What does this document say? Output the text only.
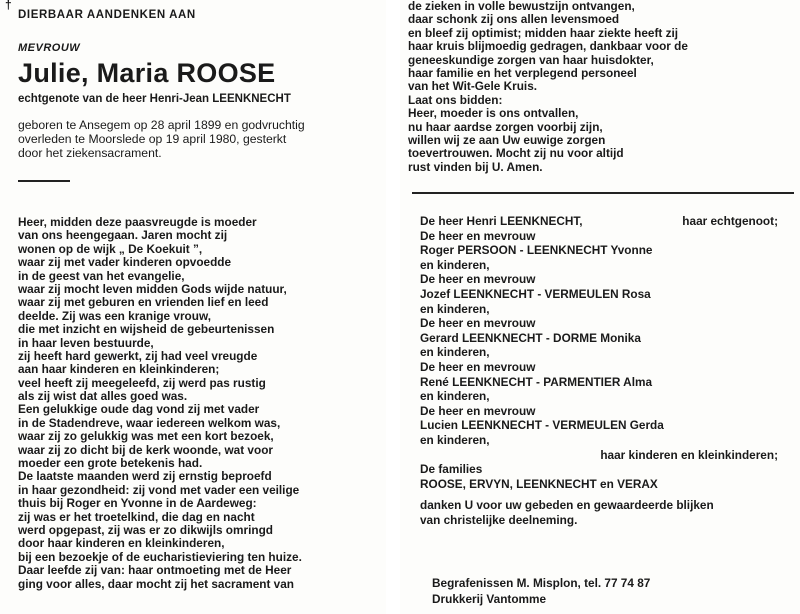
†
DIERBAAR AANDENKEN AAN
MEVROUW
Julie, Maria ROOSE
echtgenote van de heer Henri-Jean LEENKNECHT
geboren te Ansegem op 28 april 1899 en godvruchtig
overleden te Moorslede op 19 april 1980, gesterkt
door het ziekensacrament.
Heer, midden deze paasvreugde is moeder
van ons heengegaan. Jaren mocht zij
wonen op de wijk „ De Koekuit ”,
waar zij met vader kinderen opvoedde
in de geest van het evangelie,
waar zij mocht leven midden Gods wijde natuur,
waar zij met geburen en vrienden lief en leed
deelde. Zij was een kranige vrouw,
die met inzicht en wijsheid de gebeurtenissen
in haar leven bestuurde,
zij heeft hard gewerkt, zij had veel vreugde
aan haar kinderen en kleinkinderen;
veel heeft zij meegeleefd, zij werd pas rustig
als zij wist dat alles goed was.
Een gelukkige oude dag vond zij met vader
in de Stadendreve, waar iedereen welkom was,
waar zij zo gelukkig was met een kort bezoek,
waar zij zo dicht bij de kerk woonde, wat voor
moeder een grote betekenis had.
De laatste maanden werd zij ernstig beproefd
in haar gezondheid: zij vond met vader een veilige
thuis bij Roger en Yvonne in de Aardeweg:
zij was er het troetelkind, die dag en nacht
werd opgepast, zij was er zo dikwijls omringd
door haar kinderen en kleinkinderen,
bij een bezoekje of de eucharistieviering ten huize.
Daar leefde zij van: haar ontmoeting met de Heer
ging voor alles, daar mocht zij het sacrament van
de zieken in volle bewustzijn ontvangen,
daar schonk zij ons allen levensmoed
en bleef zij optimist; midden haar ziekte heeft zij
haar kruis blijmoedig gedragen, dankbaar voor de
geneeskundige zorgen van haar huisdokter,
haar familie en het verplegend personeel
van het Wit-Gele Kruis.
Laat ons bidden:
Heer, moeder is ons ontvallen,
nu haar aardse zorgen voorbij zijn,
willen wij ze aan Uw euwige zorgen
toevertrouwen. Mocht zij nu voor altijd
rust vinden bij U. Amen.
De heer Henri LEENKNECHT,	haar echtgenoot;
De heer en mevrouw
Roger PERSOON - LEENKNECHT Yvonne
en kinderen,
De heer en mevrouw
Jozef LEENKNECHT - VERMEULEN Rosa
en kinderen,
De heer en mevrouw
Gerard LEENKNECHT - DORME Monika
en kinderen,
De heer en mevrouw
René LEENKNECHT - PARMENTIER Alma
en kinderen,
De heer en mevrouw
Lucien LEENKNECHT - VERMEULEN Gerda
en kinderen,
haar kinderen en kleinkinderen;
De families
ROOSE, ERVYN, LEENKNECHT en VERAX
danken U voor uw gebeden en gewaardeerde blijken
van christelijke deelneming.
Begrafenissen M. Misplon, tel. 77 74 87
Drukkerij Vantomme
